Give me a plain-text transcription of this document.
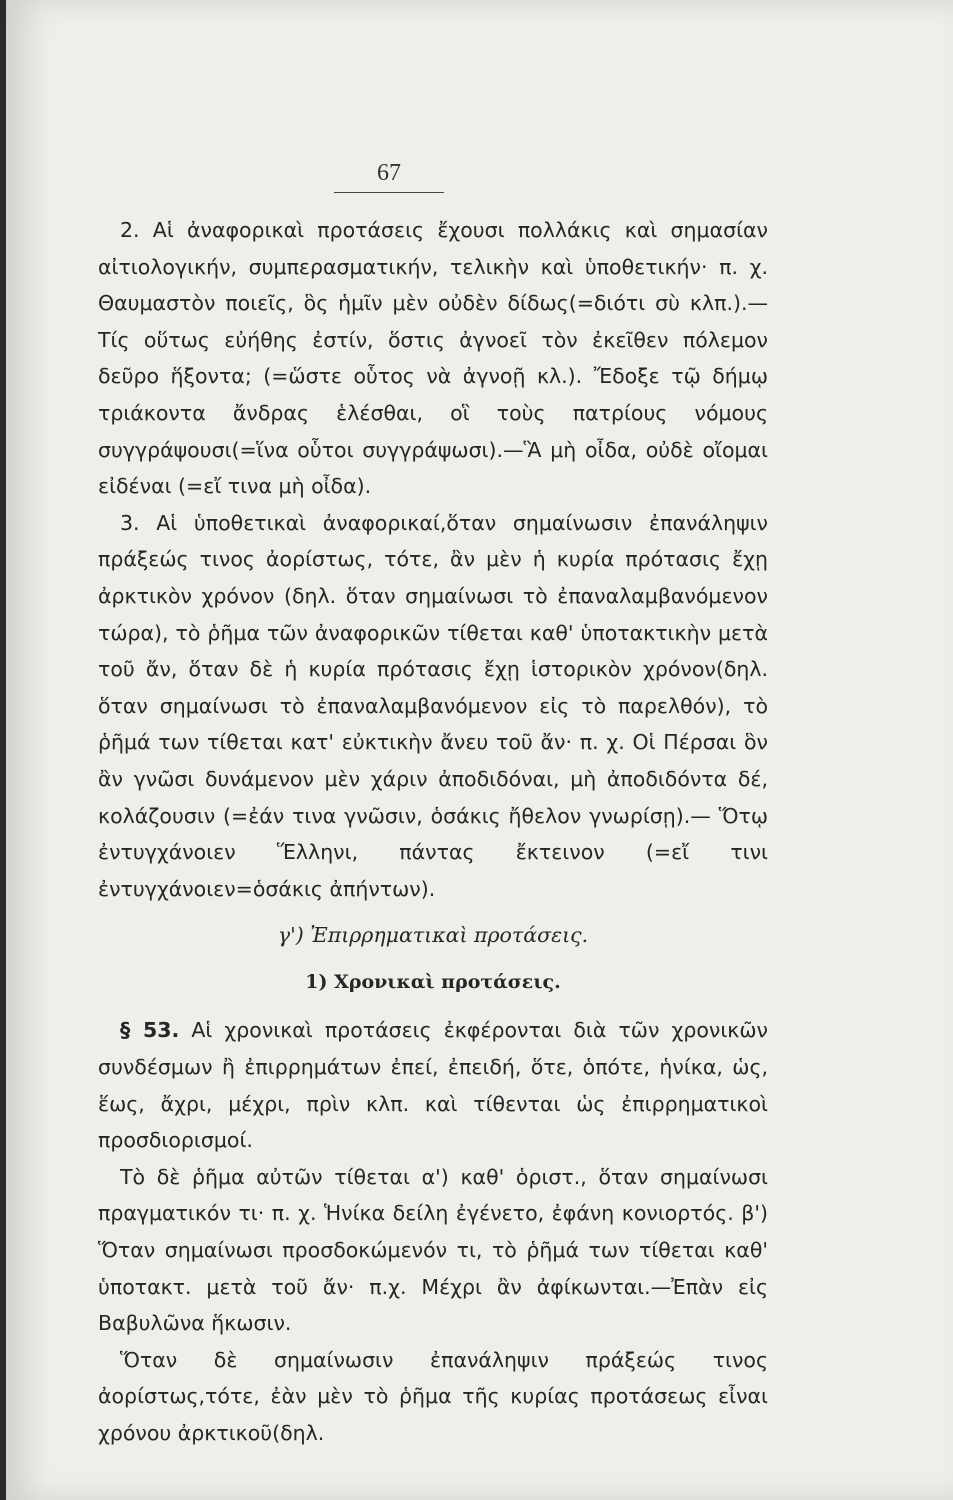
67

2. Αἱ ἀναφορικαὶ προτάσεις ἔχουσι πολλάκις καὶ σημασίαν αἰτιολογικήν, συμπερασματικήν, τελικὴν καὶ ὑποθετικήν· π. χ. Θαυμαστὸν ποιεῖς, ὃς ἡμῖν μὲν οὐδὲν δίδως(=διότι σὺ κλπ.).— Τίς οὕτως εὐήθης ἐστίν, ὅστις ἀγνοεῖ τὸν ἐκεῖθεν πόλεμον δεῦρο ἥξοντα; (=ὥστε οὗτος νὰ ἀγνοῇ κλ.). Ἔδοξε τῷ δήμῳ τριάκοντα ἄνδρας ἑλέσθαι, οἳ τοὺς πατρίους νόμους συγγράψουσι(=ἵνα οὗτοι συγγράψωσι).—Ἃ μὴ οἶδα, οὐδὲ οἴομαι εἰδέναι (=εἴ τινα μὴ οἶδα).

3. Αἱ ὑποθετικαὶ ἀναφορικαί,ὅταν σημαίνωσιν ἐπανάληψιν πράξεώς τινος ἀορίστως, τότε, ἂν μὲν ἡ κυρία πρότασις ἔχῃ ἀρκτικὸν χρόνον (δηλ. ὅταν σημαίνωσι τὸ ἐπαναλαμβανόμενον τώρα), τὸ ῥῆμα τῶν ἀναφορικῶν τίθεται καθ' ὑποτακτικὴν μετὰ τοῦ ἄν, ὅταν δὲ ἡ κυρία πρότασις ἔχῃ ἱστορικὸν χρόνον(δηλ. ὅταν σημαίνωσι τὸ ἐπαναλαμβανόμενον εἰς τὸ παρελθόν), τὸ ῥῆμά των τίθεται κατ' εὐκτικὴν ἄνευ τοῦ ἄν· π. χ. Οἱ Πέρσαι ὃν ἂν γνῶσι δυνάμενον μὲν χάριν ἀποδιδόναι, μὴ ἀποδιδόντα δέ, κολάζουσιν (=ἐάν τινα γνῶσιν, ὁσάκις ἤθελον γνωρίσῃ).— Ὅτῳ ἐντυγχάνοιεν Ἕλληνι, πάντας ἔκτεινον (=εἴ τινι ἐντυγχάνοιεν=ὁσάκις ἀπήντων).

γ') Ἐπιρρηματικαὶ προτάσεις.

1) Χρονικαὶ προτάσεις.

§ 53. Αἱ χρονικαὶ προτάσεις ἐκφέρονται διὰ τῶν χρονικῶν συνδέσμων ἢ ἐπιρρημάτων ἐπεί, ἐπειδή, ὅτε, ὁπότε, ἡνίκα, ὡς, ἕως, ἄχρι, μέχρι, πρὶν κλπ. καὶ τίθενται ὡς ἐπιρρηματικοὶ προσδιορισμοί.

Τὸ δὲ ῥῆμα αὐτῶν τίθεται α') καθ' ὁριστ., ὅταν σημαίνωσι πραγματικόν τι· π. χ. Ἡνίκα δείλη ἐγένετο, ἐφάνη κονιορτός. β') Ὅταν σημαίνωσι προσδοκώμενόν τι, τὸ ῥῆμά των τίθεται καθ' ὑποτακτ. μετὰ τοῦ ἄν· π.χ. Μέχρι ἂν ἀφίκωνται.—Ἐπὰν εἰς Βαβυλῶνα ἥκωσιν.

Ὅταν δὲ σημαίνωσιν ἐπανάληψιν πράξεώς τινος ἀορίστως,τότε, ἐὰν μὲν τὸ ῥῆμα τῆς κυρίας προτάσεως εἶναι χρόνου ἀρκτικοῦ(δηλ.
